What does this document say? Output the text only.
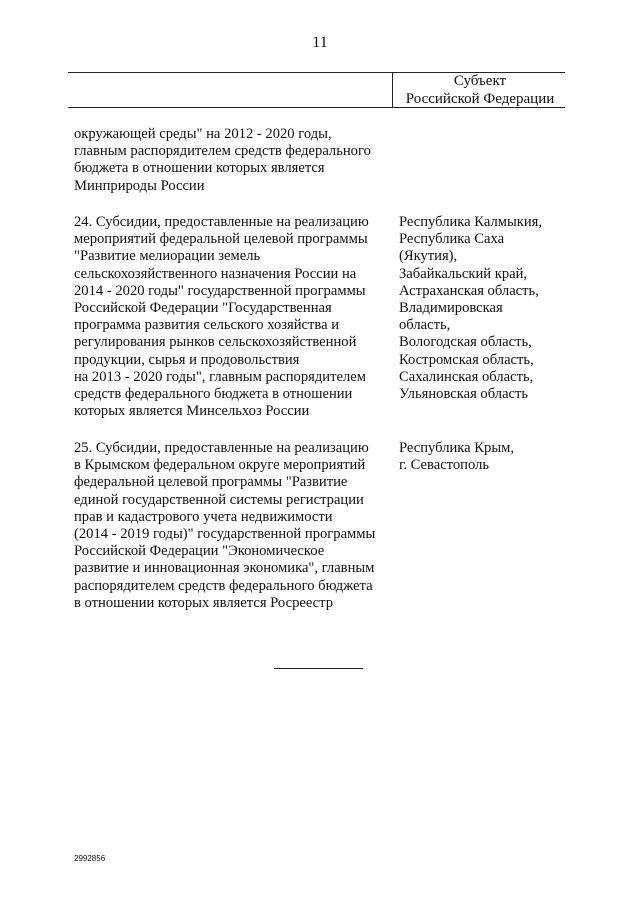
11
Субъект
Российской Федерации
окружающей среды" на 2012 - 2020 годы,
главным распорядителем средств федерального
бюджета в отношении которых является
Минприроды России
24. Субсидии, предоставленные на реализацию
мероприятий федеральной целевой программы
"Развитие мелиорации земель
сельскохозяйственного назначения России на
2014 - 2020 годы" государственной программы
Российской Федерации "Государственная
программа развития сельского хозяйства и
регулирования рынков сельскохозяйственной
продукции, сырья и продовольствия
на 2013 - 2020 годы", главным распорядителем
средств федерального бюджета в отношении
которых является Минсельхоз России
Республика Калмыкия,
Республика Саха
(Якутия),
Забайкальский край,
Астраханская область,
Владимировская
область,
Вологодская область,
Костромская область,
Сахалинская область,
Ульяновская область
25. Субсидии, предоставленные на реализацию
в Крымском федеральном округе мероприятий
федеральной целевой программы "Развитие
единой государственной системы регистрации
прав и кадастрового учета недвижимости
(2014 - 2019 годы)" государственной программы
Российской Федерации "Экономическое
развитие и инновационная экономика", главным
распорядителем средств федерального бюджета
в отношении которых является Росреестр
Республика Крым,
г. Севастополь
2992856
